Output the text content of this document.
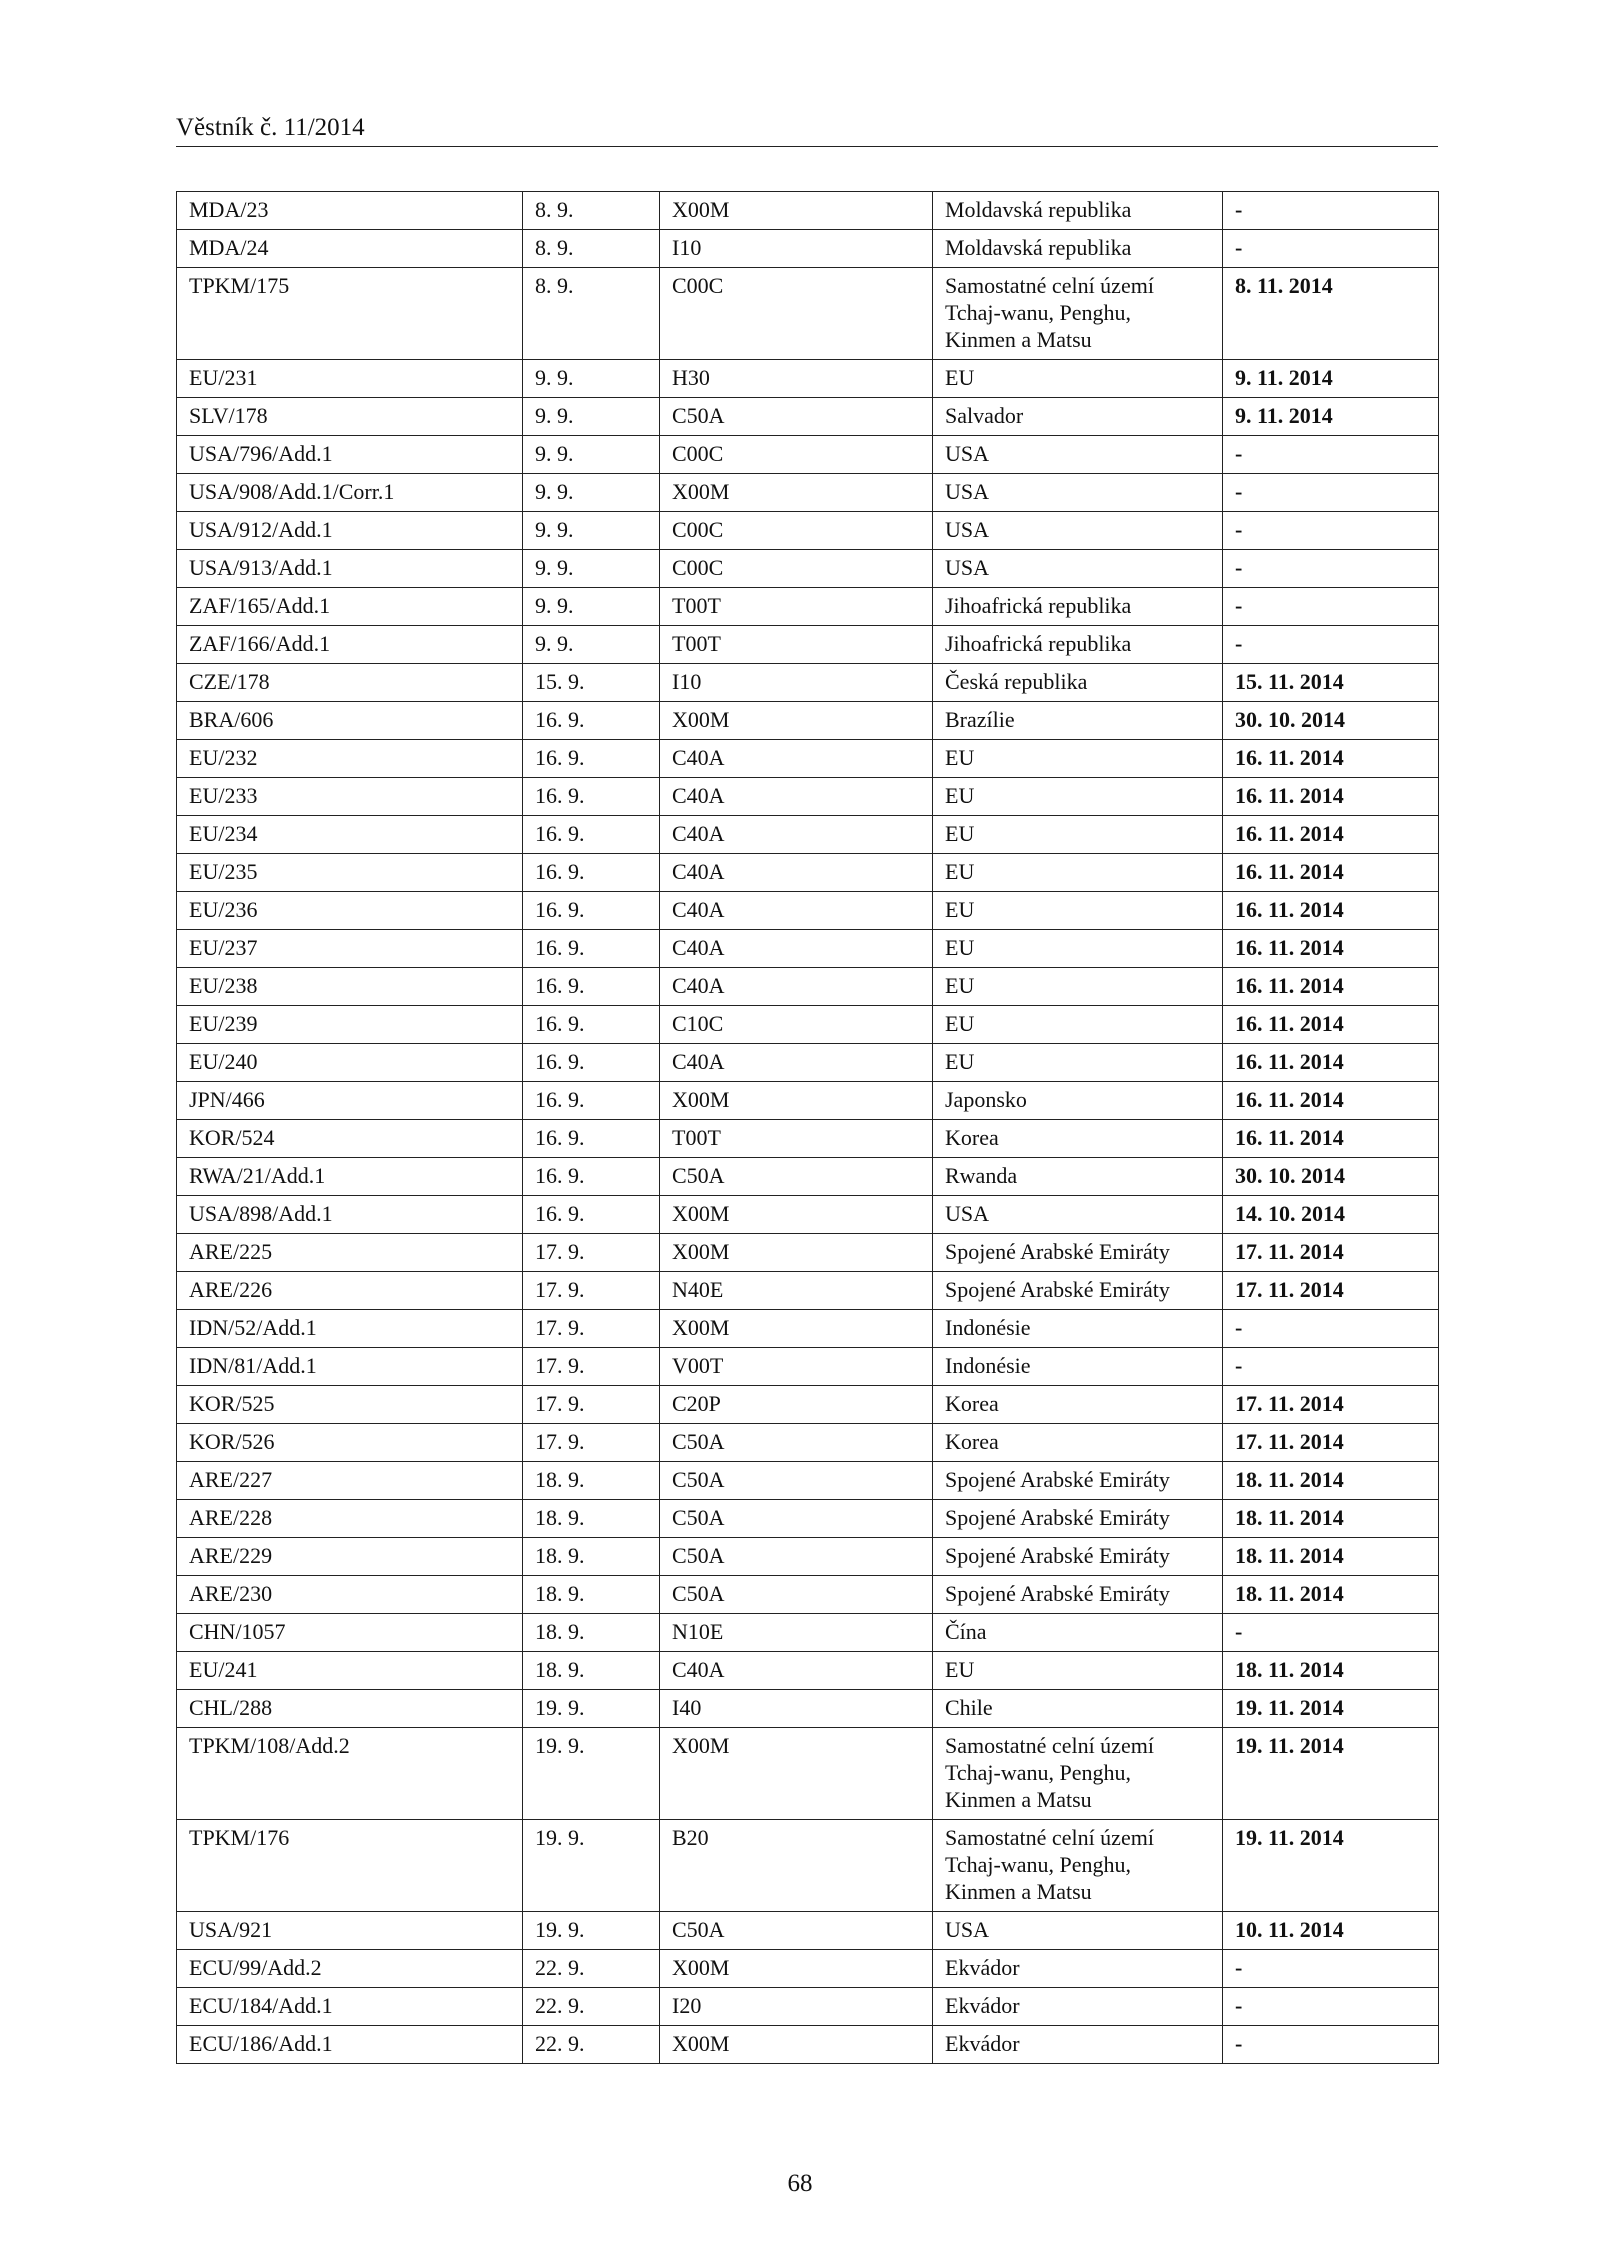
Věstník č. 11/2014
MDA/23	8. 9.	X00M	Moldavská republika	-
MDA/24	8. 9.	I10	Moldavská republika	-
TPKM/175	8. 9.	C00C	Samostatné celní území
Tchaj-wanu, Penghu,
Kinmen a Matsu	8. 11. 2014
EU/231	9. 9.	H30	EU	9. 11. 2014
SLV/178	9. 9.	C50A	Salvador	9. 11. 2014
USA/796/Add.1	9. 9.	C00C	USA	-
USA/908/Add.1/Corr.1	9. 9.	X00M	USA	-
USA/912/Add.1	9. 9.	C00C	USA	-
USA/913/Add.1	9. 9.	C00C	USA	-
ZAF/165/Add.1	9. 9.	T00T	Jihoafrická republika	-
ZAF/166/Add.1	9. 9.	T00T	Jihoafrická republika	-
CZE/178	15. 9.	I10	Česká republika	15. 11. 2014
BRA/606	16. 9.	X00M	Brazílie	30. 10. 2014
EU/232	16. 9.	C40A	EU	16. 11. 2014
EU/233	16. 9.	C40A	EU	16. 11. 2014
EU/234	16. 9.	C40A	EU	16. 11. 2014
EU/235	16. 9.	C40A	EU	16. 11. 2014
EU/236	16. 9.	C40A	EU	16. 11. 2014
EU/237	16. 9.	C40A	EU	16. 11. 2014
EU/238	16. 9.	C40A	EU	16. 11. 2014
EU/239	16. 9.	C10C	EU	16. 11. 2014
EU/240	16. 9.	C40A	EU	16. 11. 2014
JPN/466	16. 9.	X00M	Japonsko	16. 11. 2014
KOR/524	16. 9.	T00T	Korea	16. 11. 2014
RWA/21/Add.1	16. 9.	C50A	Rwanda	30. 10. 2014
USA/898/Add.1	16. 9.	X00M	USA	14. 10. 2014
ARE/225	17. 9.	X00M	Spojené Arabské Emiráty	17. 11. 2014
ARE/226	17. 9.	N40E	Spojené Arabské Emiráty	17. 11. 2014
IDN/52/Add.1	17. 9.	X00M	Indonésie	-
IDN/81/Add.1	17. 9.	V00T	Indonésie	-
KOR/525	17. 9.	C20P	Korea	17. 11. 2014
KOR/526	17. 9.	C50A	Korea	17. 11. 2014
ARE/227	18. 9.	C50A	Spojené Arabské Emiráty	18. 11. 2014
ARE/228	18. 9.	C50A	Spojené Arabské Emiráty	18. 11. 2014
ARE/229	18. 9.	C50A	Spojené Arabské Emiráty	18. 11. 2014
ARE/230	18. 9.	C50A	Spojené Arabské Emiráty	18. 11. 2014
CHN/1057	18. 9.	N10E	Čína	-
EU/241	18. 9.	C40A	EU	18. 11. 2014
CHL/288	19. 9.	I40	Chile	19. 11. 2014
TPKM/108/Add.2	19. 9.	X00M	Samostatné celní území
Tchaj-wanu, Penghu,
Kinmen a Matsu	19. 11. 2014
TPKM/176	19. 9.	B20	Samostatné celní území
Tchaj-wanu, Penghu,
Kinmen a Matsu	19. 11. 2014
USA/921	19. 9.	C50A	USA	10. 11. 2014
ECU/99/Add.2	22. 9.	X00M	Ekvádor	-
ECU/184/Add.1	22. 9.	I20	Ekvádor	-
ECU/186/Add.1	22. 9.	X00M	Ekvádor	-
68
